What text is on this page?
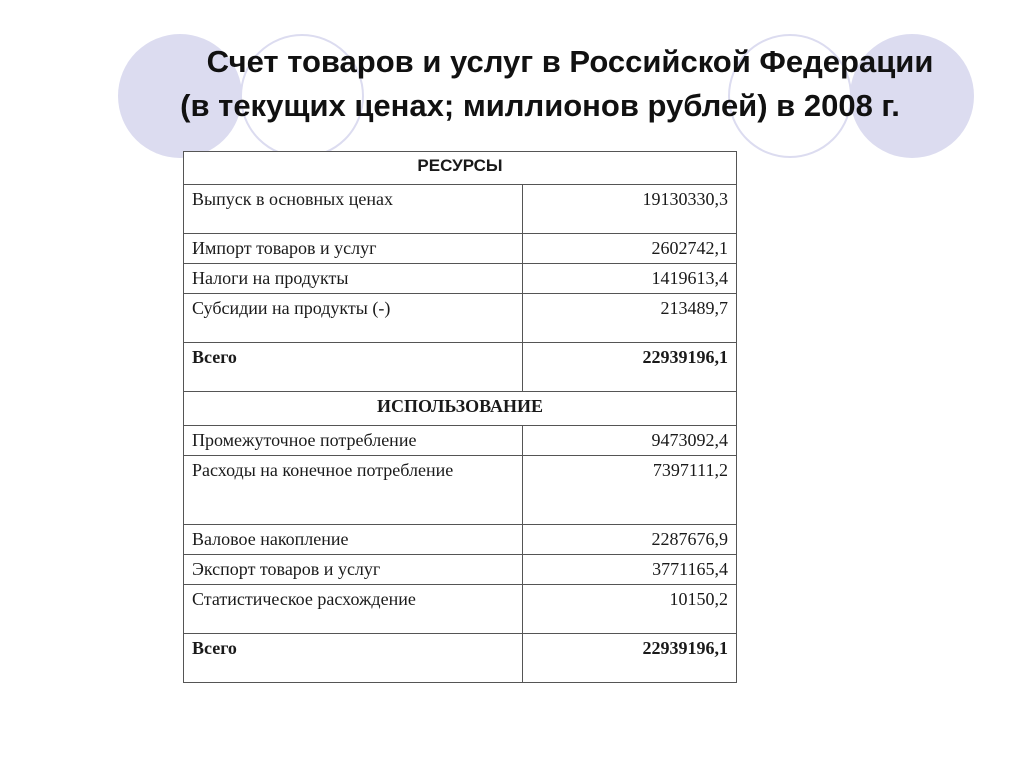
Счет товаров и услуг в Российской Федерации
(в текущих ценах; миллионов рублей) в 2008 г.
РЕСУРСЫ	
Выпуск в основных ценах	19130330,3
Импорт товаров и услуг	2602742,1
Налоги на продукты	1419613,4
Субсидии на продукты (-)	213489,7
Всего	22939196,1
ИСПОЛЬЗОВАНИЕ	
Промежуточное потребление	9473092,4
Расходы на конечное потребление	7397111,2
Валовое накопление	2287676,9
Экспорт товаров и услуг	3771165,4
Статистическое расхождение	10150,2
Всего	22939196,1
